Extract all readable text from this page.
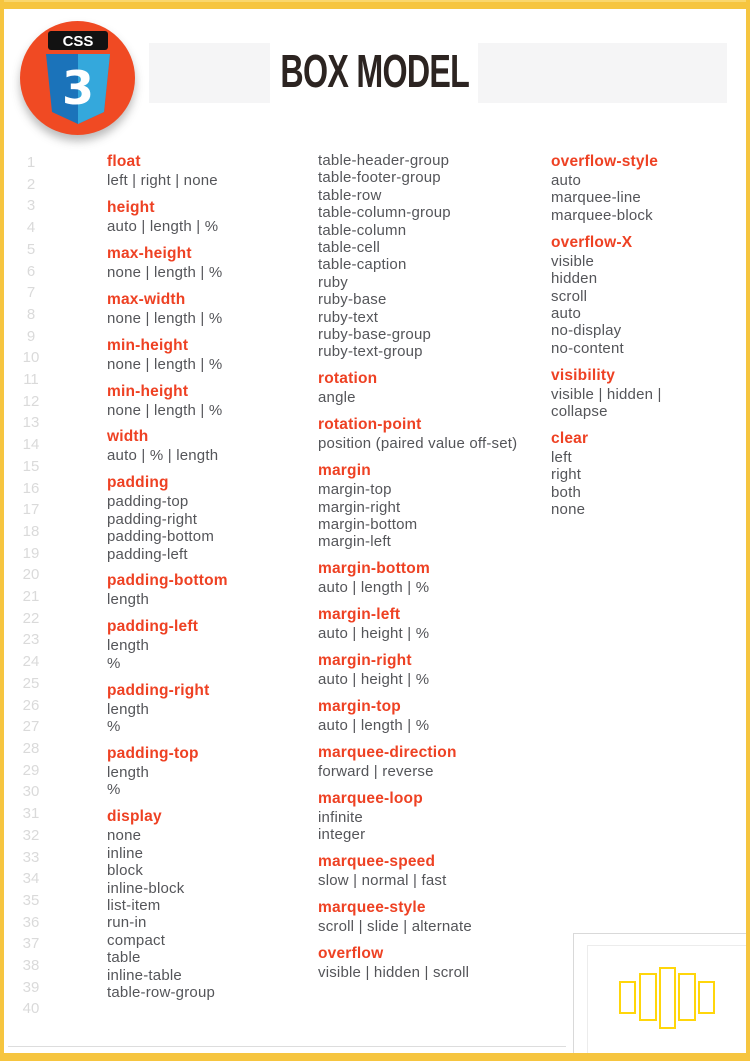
BOX MODEL
CSS
3
1
2
3
4
5
6
7
8
9
10
11
12
13
14
15
16
17
18
19
20
21
22
23
24
25
26
27
28
29
30
31
32
33
34
35
36
37
38
39
40
float
left | right | none
height
auto | length | %
max-height
none | length | %
max-width
none | length | %
min-height
none | length | %
min-height
none | length | %
width
auto | % | length
padding
padding-top
padding-right
padding-bottom
padding-left
padding-bottom
length
padding-left
length
%
padding-right
length
%
padding-top
length
%
display
none
inline
block
inline-block
list-item
run-in
compact
table
inline-table
table-row-group
table-header-group
table-footer-group
table-row
table-column-group
table-column
table-cell
table-caption
ruby
ruby-base
ruby-text
ruby-base-group
ruby-text-group
rotation
angle
rotation-point
position (paired value off-set)
margin
margin-top
margin-right
margin-bottom
margin-left
margin-bottom
auto | length | %
margin-left
auto | height | %
margin-right
auto | height | %
margin-top
auto | length | %
marquee-direction
forward | reverse
marquee-loop
infinite
integer
marquee-speed
slow | normal | fast
marquee-style
scroll | slide | alternate
overflow
visible | hidden | scroll
overflow-style
auto
marquee-line
marquee-block
overflow-X
visible
hidden
scroll
auto
no-display
no-content
visibility
visible | hidden |
collapse
clear
left
right
both
none
